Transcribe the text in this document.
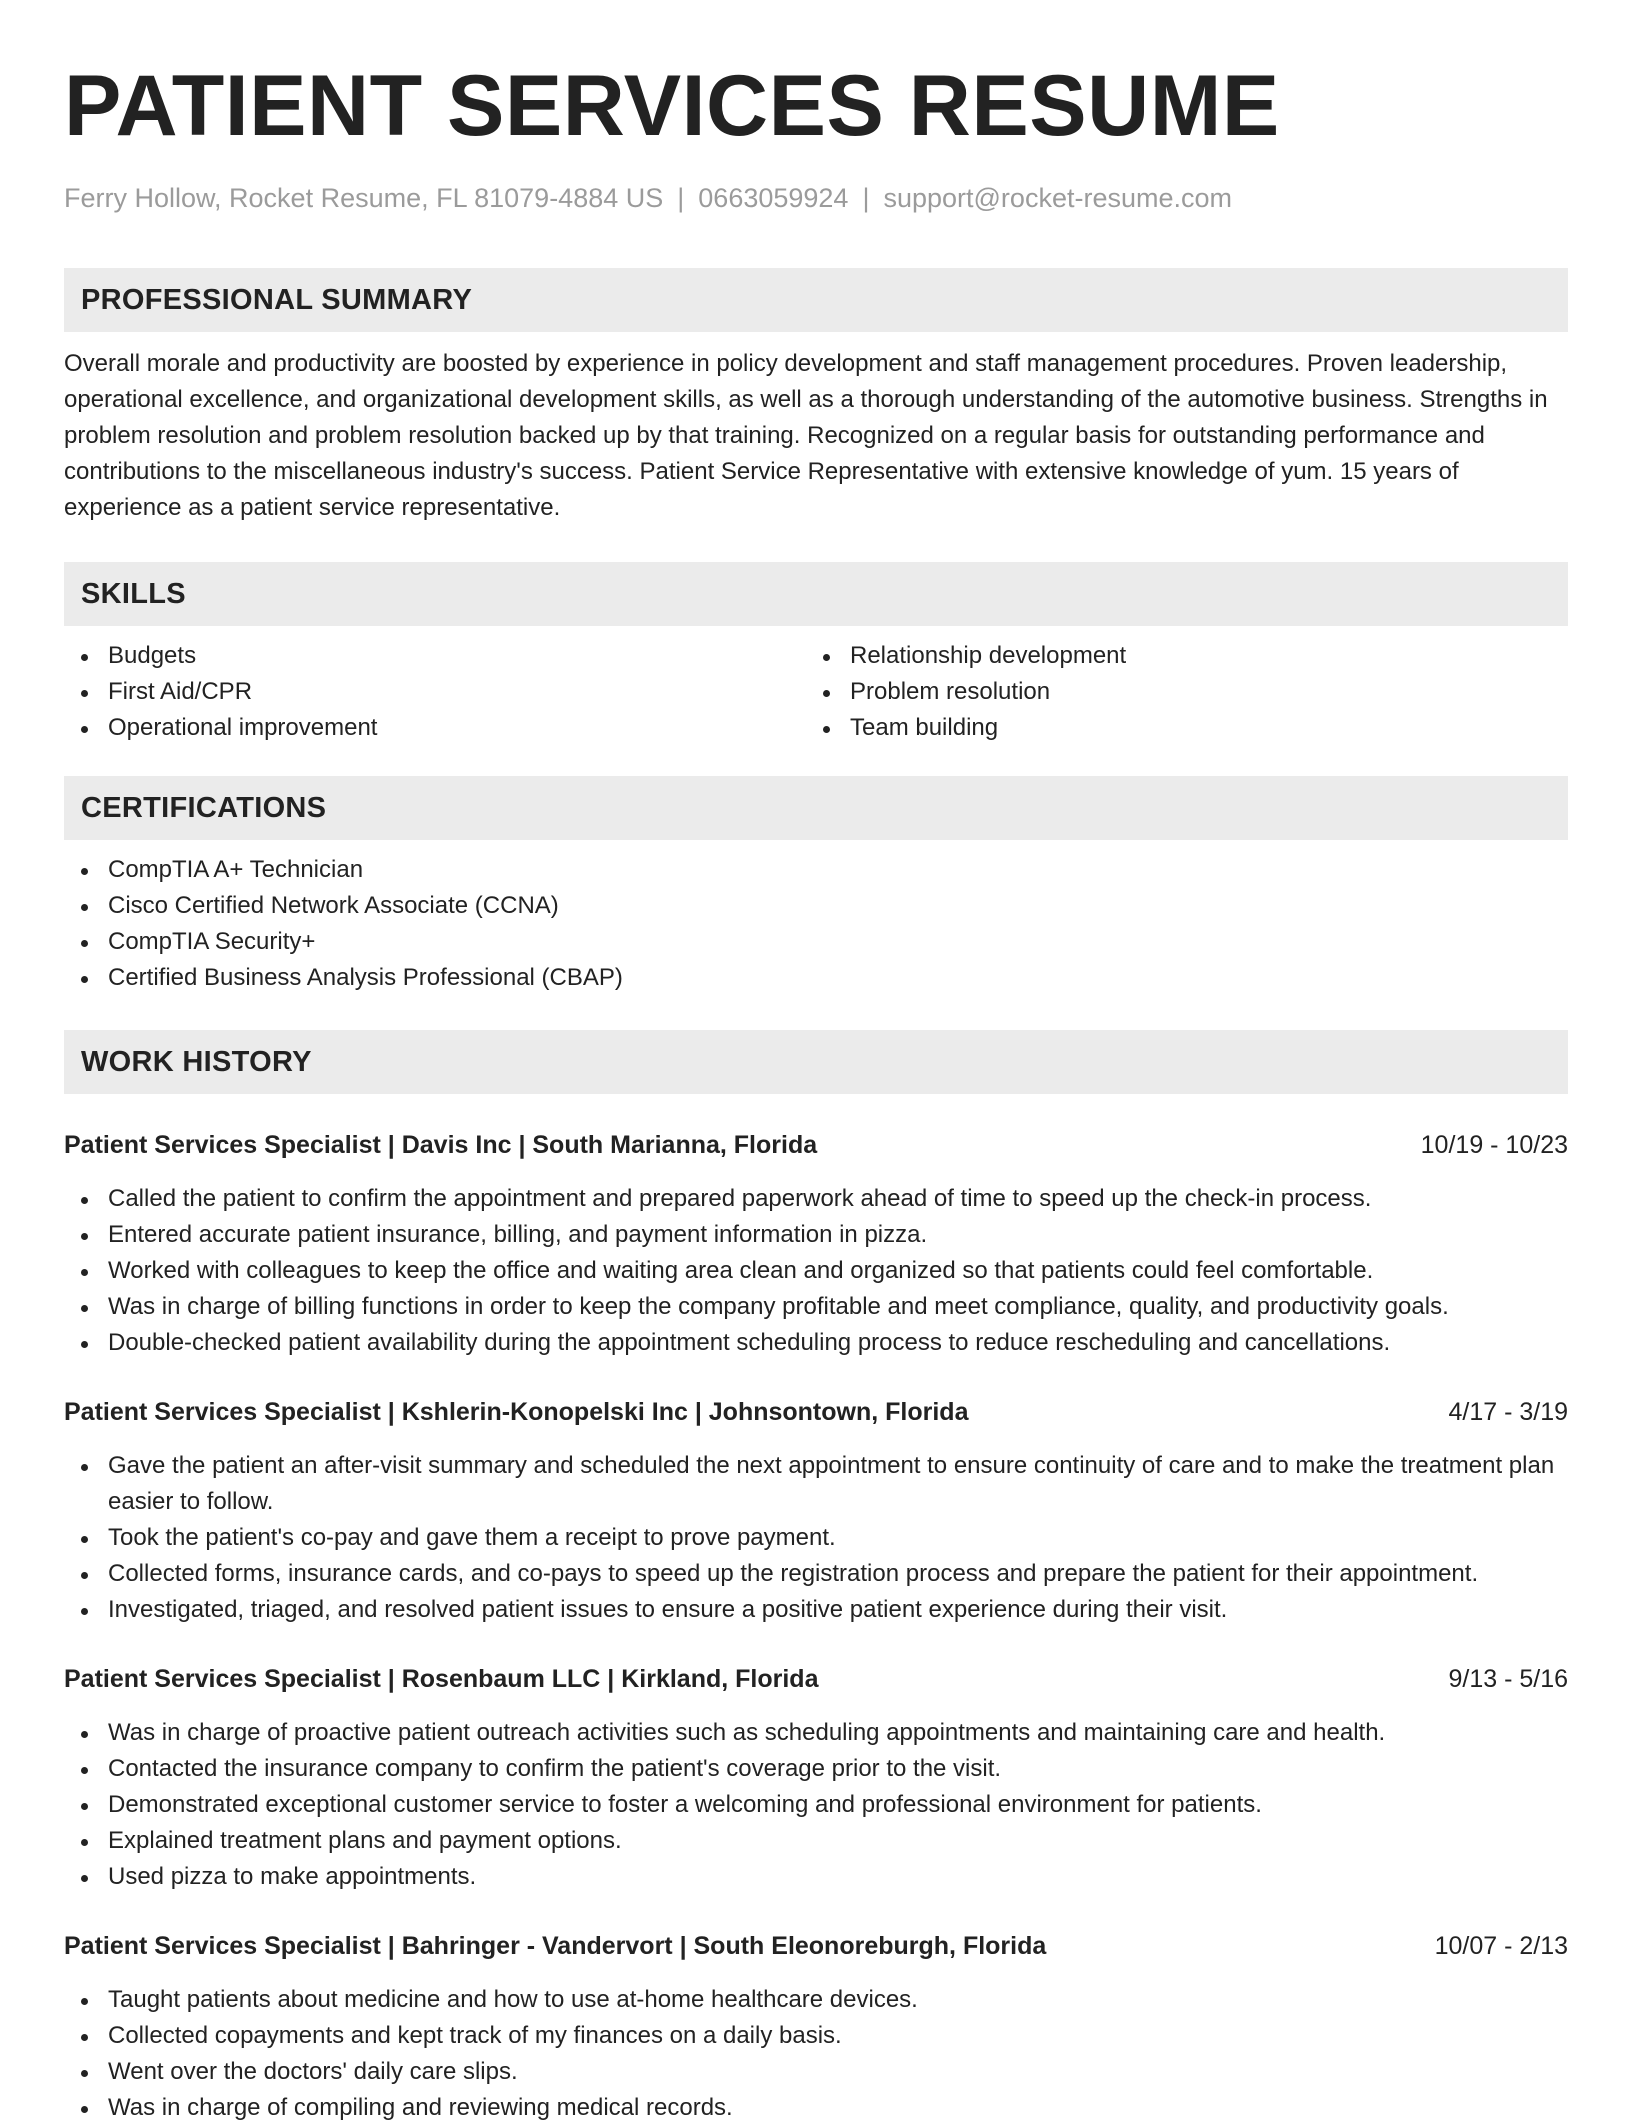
PATIENT SERVICES RESUME
Ferry Hollow, Rocket Resume, FL 81079-4884 US | 0663059924 | support@rocket-resume.com
PROFESSIONAL SUMMARY

Overall morale and productivity are boosted by experience in policy development and staff management procedures. Proven leadership, operational excellence, and organizational development skills, as well as a thorough understanding of the automotive business. Strengths in problem resolution and problem resolution backed up by that training. Recognized on a regular basis for outstanding performance and contributions to the miscellaneous industry's success. Patient Service Representative with extensive knowledge of yum. 15 years of experience as a patient service representative.

SKILLS
Budgets
First Aid/CPR
Operational improvement
Relationship development
Problem resolution
Team building
CERTIFICATIONS
CompTIA A+ Technician
Cisco Certified Network Associate (CCNA)
CompTIA Security+
Certified Business Analysis Professional (CBAP)
WORK HISTORY
Patient Services Specialist | Davis Inc | South Marianna, Florida	10/19 - 10/23
Called the patient to confirm the appointment and prepared paperwork ahead of time to speed up the check-in process.
Entered accurate patient insurance, billing, and payment information in pizza.
Worked with colleagues to keep the office and waiting area clean and organized so that patients could feel comfortable.
Was in charge of billing functions in order to keep the company profitable and meet compliance, quality, and productivity goals.
Double-checked patient availability during the appointment scheduling process to reduce rescheduling and cancellations.
Patient Services Specialist | Kshlerin-Konopelski Inc | Johnsontown, Florida	4/17 - 3/19
Gave the patient an after-visit summary and scheduled the next appointment to ensure continuity of care and to make the treatment plan easier to follow.
Took the patient's co-pay and gave them a receipt to prove payment.
Collected forms, insurance cards, and co-pays to speed up the registration process and prepare the patient for their appointment.
Investigated, triaged, and resolved patient issues to ensure a positive patient experience during their visit.
Patient Services Specialist | Rosenbaum LLC | Kirkland, Florida	9/13 - 5/16
Was in charge of proactive patient outreach activities such as scheduling appointments and maintaining care and health.
Contacted the insurance company to confirm the patient's coverage prior to the visit.
Demonstrated exceptional customer service to foster a welcoming and professional environment for patients.
Explained treatment plans and payment options.
Used pizza to make appointments.
Patient Services Specialist | Bahringer - Vandervort | South Eleonoreburgh, Florida	10/07 - 2/13
Taught patients about medicine and how to use at-home healthcare devices.
Collected copayments and kept track of my finances on a daily basis.
Went over the doctors' daily care slips.
Was in charge of compiling and reviewing medical records.
